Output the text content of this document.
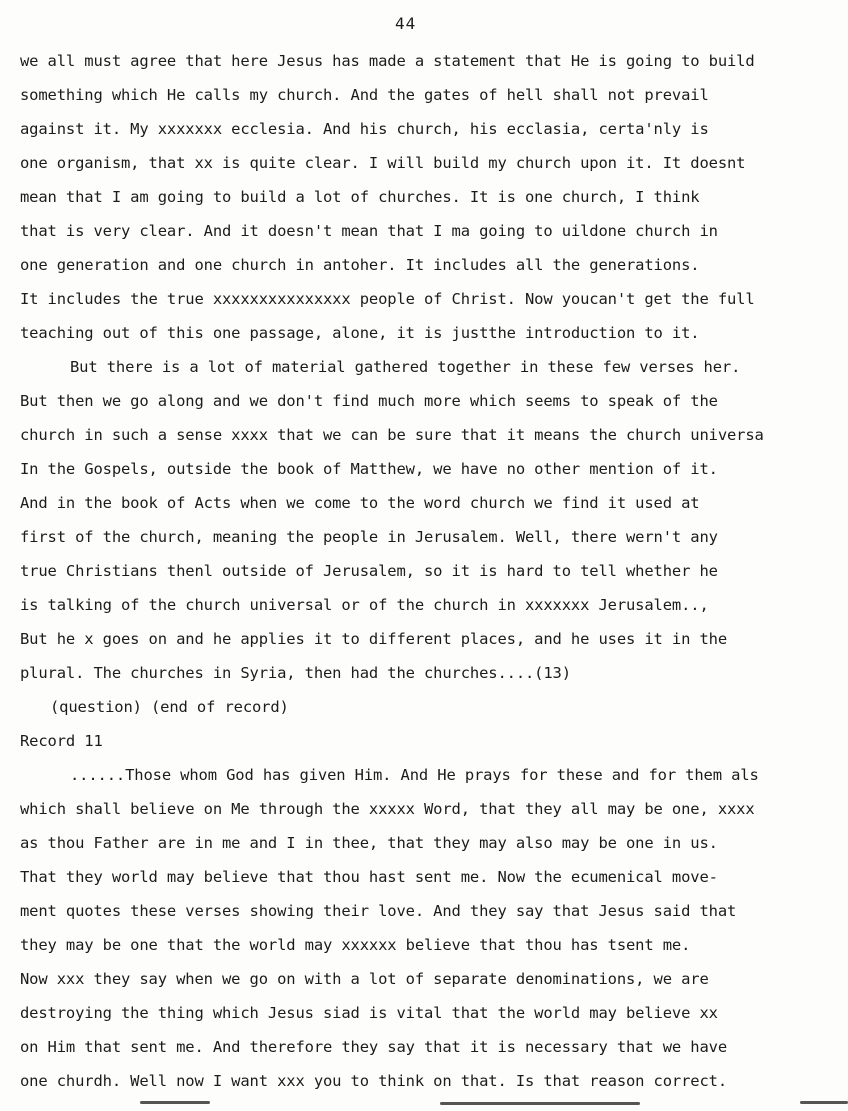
44
we all must agree that here Jesus has made a statement that He is going to build
something which He calls my church. And the gates of hell shall not prevail
against it. My xxxxxxx ecclesia. And his church, his ecclasia, certa'nly is
one organism, that xx is quite clear. I will build my church upon it. It doesnt
mean that I am going to build a lot of churches. It is one church, I think
that is very clear. And it doesn't mean that I ma going to uildone church in
one generation and one church in antoher. It includes all the generations.
It includes the true xxxxxxxxxxxxxxx people of Christ. Now youcan't get the full
teaching out of this one passage, alone, it is justthe introduction to it.
But there is a lot of material gathered together in these few verses her.
But then we go along and we don't find much more which seems to speak of the
church in such a sense xxxx that we can be sure that it means the church universa
In the Gospels, outside the book of Matthew, we have no other mention of it.
And in the book of Acts when we come to the word church we find it used at
first of the church, meaning the people in Jerusalem. Well, there wern't any
true Christians thenl outside of Jerusalem, so it is hard to tell whether he
is talking of the church universal or of the church in xxxxxxx Jerusalem..,
But he x goes on and he applies it to different places, and he uses it in the
plural. The churches in Syria, then had the churches....(13)
(question) (end of record)
Record 11
......Those whom God has given Him. And He prays for these and for them als
which shall believe on Me through the xxxxx Word, that they all may be one, xxxx
as thou Father are in me and I in thee, that they may also may be one in us.
That they world may believe that thou hast sent me. Now the ecumenical move-
ment quotes these verses showing their love. And they say that Jesus said that
they may be one that the world may xxxxxx believe that thou has tsent me.
Now xxx they say when we go on with a lot of separate denominations, we are
destroying the thing which Jesus siad is vital that the world may believe xx
on Him that sent me. And therefore they say that it is necessary that we have
one churdh. Well now I want xxx you to think on that. Is that reason correct.
